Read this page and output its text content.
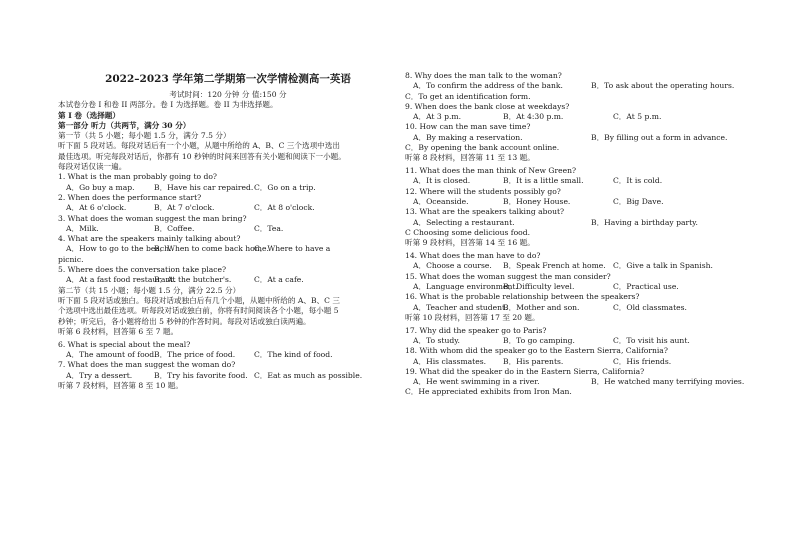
2022–2023 学年第二学期第一次学情检测高一英语
考试时间：120 分钟 分 值:150 分
本试卷分卷 I 和卷 II 两部分。卷 I 为选择题。卷 II 为非选择题。
第 I 卷（选择题）
第一部分 听力（共两节，满分 30 分）
第一节（共 5 小题；每小题 1.5 分，满分 7.5 分）
听下面 5 段对话。每段对话后有一个小题，从题中所给的 A、B、C 三个选项中选出
最佳选项。听完每段对话后，你都有 10 秒钟的时间来回答有关小题和阅读下一小题。
每段对话仅读一遍。
1. What is the man probably going to do?
A．Go buy a map.	B．Have his car repaired.C．Go on a trip.
2. When does the performance start?
A．At 6 o'clock.	B．At 7 o'clock.	C．At 8 o'clock.
3. What does the woman suggest the man bring?
A．Milk.	B．Coffee.	C．Tea.
4. What are the speakers mainly talking about?
A．How to go to the beach.B．When to come back home.C．Where to have a
picnic.
5. Where does the conversation take place?
A．At a fast food restaurant.B．At the butcher's.	C．At a cafe.
第二节（共 15 小题；每小题 1.5 分，满分 22.5 分）
听下面 5 段对话或独白。每段对话或独白后有几个小题，从题中所给的 A、B、C 三
个选项中选出最佳选项。听每段对话或独白前，你将有时间阅读各个小题，每小题 5
秒钟；听完后，各小题将给出 5 秒钟的作答时间。每段对话或独白读两遍。
听第 6 段材料，回答第 6 至 7 题。
6. What is special about the meal?
A．The amount of food.B．The price of food. C．The kind of food.
7. What does the man suggest the woman do?
A．Try a dessert.	B．Try his favorite food. C．Eat as much as possible.
听第 7 段材料，回答第 8 至 10 题。
8. Why does the man talk to the woman?
A．To confirm the address of the bank.	B．To ask about the operating hours.
C．To get an identification form.
9. When does the bank close at weekdays?
A．At 3 p.m.	B．At 4:30 p.m.	C．At 5 p.m.
10. How can the man save time?
A．By making a reservation.	B．By filling out a form in advance.
C．By opening the bank account online.
听第 8 段材料，回答第 11 至 13 题。
11. What does the man think of New Green?
A．It is closed.	B．It is a little small.	C．It is cold.
12. Where will the students possibly go?
A．Oceanside.	B．Honey House.	C．Big Dave.
13. What are the speakers talking about?
A．Selecting a restaurant.	B．Having a birthday party.
C Choosing some delicious food.
听第 9 段材料，回答第 14 至 16 题。
14. What does the man have to do?
A．Choose a course. B．Speak French at home. C．Give a talk in Spanish.
15. What does the woman suggest the man consider?
A．Language environment.B．Difficulty level.	C．Practical use.
16. What is the probable relationship between the speakers?
A．Teacher and student.B．Mother and son.	C．Old classmates.
听第 10 段材料，回答第 17 至 20 题。
17. Why did the speaker go to Paris?
A．To study.	B．To go camping.	C．To visit his aunt.
18. With whom did the speaker go to the Eastern Sierra, California?
A．His classmates. B．His parents.	C．His friends.
19. What did the speaker do in the Eastern Sierra, California?
A．He went swimming in a river.	B．He watched many terrifying movies.
C．He appreciated exhibits from Iron Man.
